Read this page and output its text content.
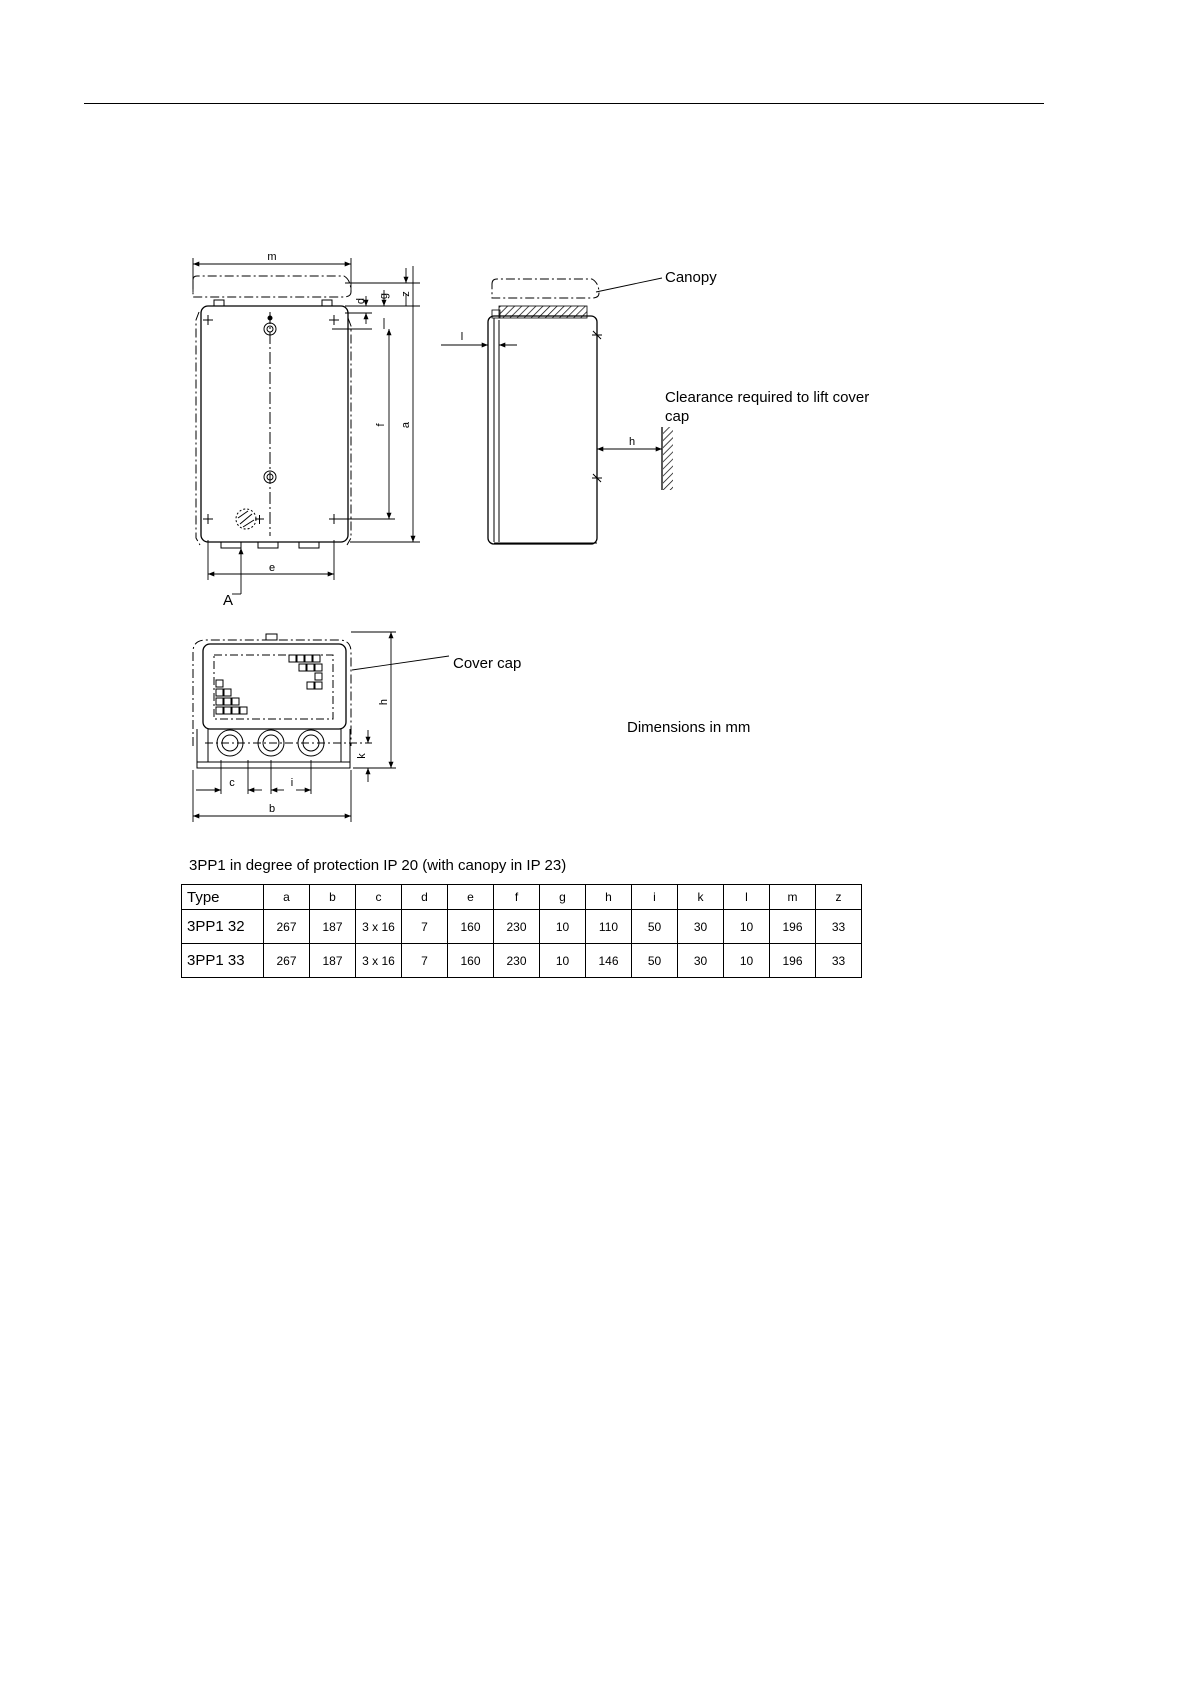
m
z
g
d
f a
e
l
h
h
k
c	i
b
Canopy
Clearance required to lift cover cap
Cover cap
Dimensions in mm
A
3PP1 in degree of protection IP 20 (with canopy in IP 23)
Type	a	b	c	d	e	f	g	h	i	k	l	m	z
3PP1 32	267	187	3 x 16	7	160	230	10	110	50	30	10	196	33
3PP1 33	267	187	3 x 16	7	160	230	10	146	50	30	10	196	33
